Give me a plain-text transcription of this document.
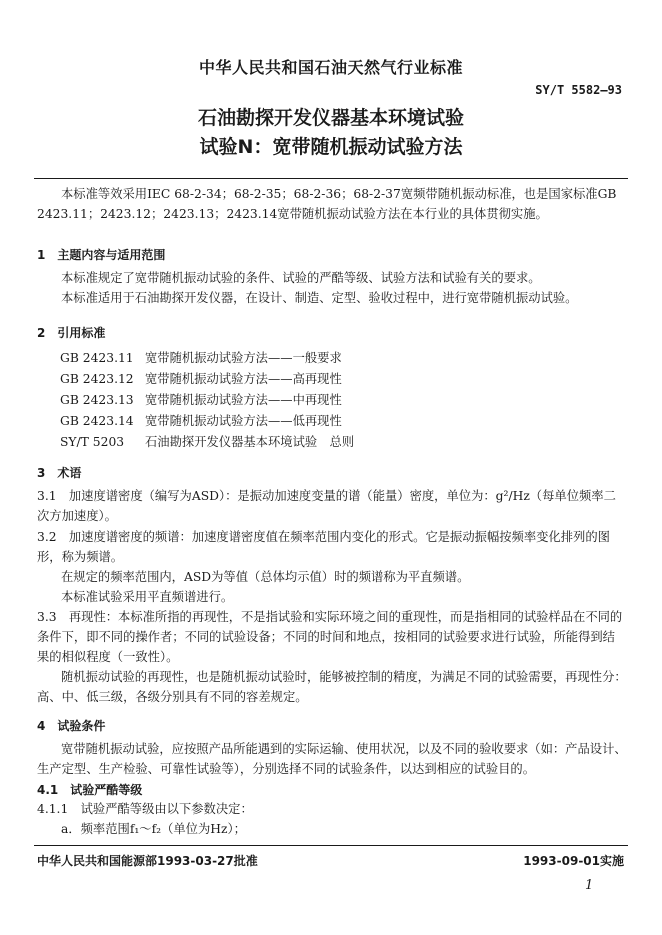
中华人民共和国石油天然气行业标准
SY/T 5582—93
石油勘探开发仪器基本环境试验
试验N：宽带随机振动试验方法
本标准等效采用IEC 68-2-34；68-2-35；68-2-36；68-2-37宽频带随机振动标准，也是国家标准GB 2423.11；2423.12；2423.13；2423.14宽带随机振动试验方法在本行业的具体贯彻实施。
1　主题内容与适用范围
本标准规定了宽带随机振动试验的条件、试验的严酷等级、试验方法和试验有关的要求。
本标准适用于石油勘探开发仪器，在设计、制造、定型、验收过程中，进行宽带随机振动试验。
2　引用标准
GB 2423.11 宽带随机振动试验方法——一般要求
GB 2423.12 宽带随机振动试验方法——高再现性
GB 2423.13 宽带随机振动试验方法——中再现性
GB 2423.14 宽带随机振动试验方法——低再现性
SY/T 5203 石油勘探开发仪器基本环境试验　总则
3　术语
3.1　加速度谱密度（编写为ASD）：是振动加速度变量的谱（能量）密度，单位为：g²/Hz（每单位频率二次方加速度）。
3.2　加速度谱密度的频谱：加速度谱密度值在频率范围内变化的形式。它是振动振幅按频率变化排列的图形，称为频谱。
在规定的频率范围内，ASD为等值（总体均示值）时的频谱称为平直频谱。
本标准试验采用平直频谱进行。
3.3　再现性：本标准所指的再现性，不是指试验和实际环境之间的重现性，而是指相同的试验样品在不同的条件下，即不同的操作者；不同的试验设备；不同的时间和地点，按相同的试验要求进行试验，所能得到结果的相似程度（一致性）。
随机振动试验的再现性，也是随机振动试验时，能够被控制的精度，为满足不同的试验需要，再现性分：高、中、低三级，各级分别具有不同的容差规定。
4　试验条件
宽带随机振动试验，应按照产品所能遇到的实际运输、使用状况，以及不同的验收要求（如：产品设计、生产定型、生产检验、可靠性试验等），分别选择不同的试验条件，以达到相应的试验目的。
4.1　试验严酷等级
4.1.1　试验严酷等级由以下参数决定：
a．频率范围f₁～f₂（单位为Hz）；
中华人民共和国能源部1993-03-27批准	1993-09-01实施
1
